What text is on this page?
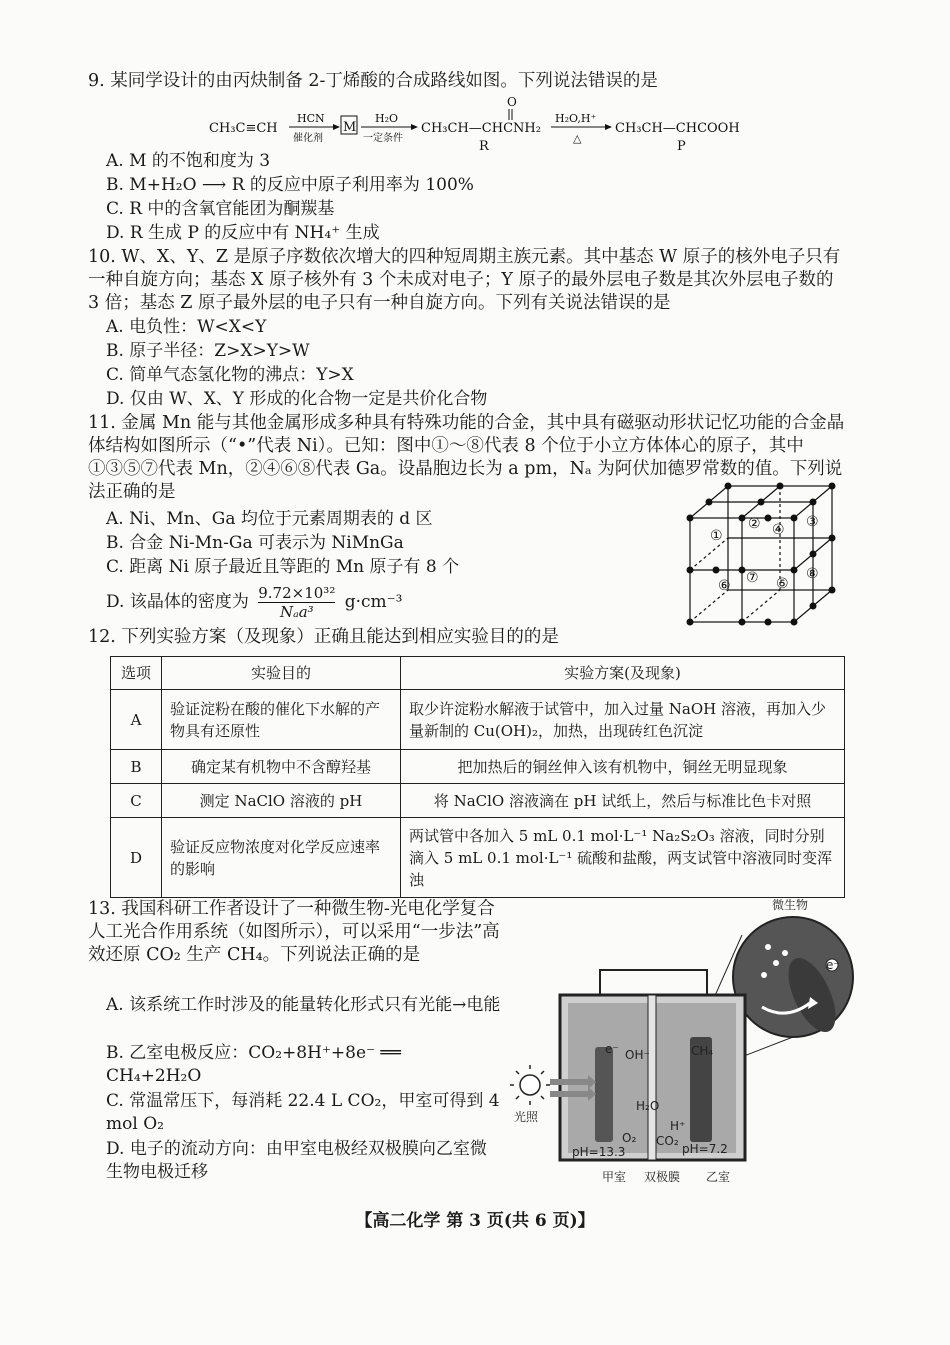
9. 某同学设计的由丙炔制备 2-丁烯酸的合成路线如图。下列说法错误的是
CH₃C≡CH
HCN
催化剂
M
H₂O
一定条件
O
CH₃CH—CHCNH₂
R
H₂O,H⁺
△
CH₃CH—CHCOOH
P
A. M 的不饱和度为 3
B. M+H₂O ⟶ R 的反应中原子利用率为 100%
C. R 中的含氧官能团为酮羰基
D. R 生成 P 的反应中有 NH₄⁺ 生成
10. W、X、Y、Z 是原子序数依次增大的四种短周期主族元素。其中基态 W 原子的核外电子只有一种自旋方向；基态 X 原子核外有 3 个未成对电子；Y 原子的最外层电子数是其次外层电子数的 3 倍；基态 Z 原子最外层的电子只有一种自旋方向。下列有关说法错误的是
A. 电负性：W<X<Y
B. 原子半径：Z>X>Y>W
C. 简单气态氢化物的沸点：Y>X
D. 仅由 W、X、Y 形成的化合物一定是共价化合物
11. 金属 Mn 能与其他金属形成多种具有特殊功能的合金，其中具有磁驱动形状记忆功能的合金晶体结构如图所示（“•”代表 Ni）。已知：图中①～⑧代表 8 个位于小立方体体心的原子，其中①③⑤⑦代表 Mn，②④⑥⑧代表 Ga。设晶胞边长为 a pm，Nₐ 为阿伏加德罗常数的值。下列说法正确的是
A. Ni、Mn、Ga 均位于元素周期表的 d 区
B. 合金 Ni-Mn-Ga 可表示为 NiMnGa
C. 距离 Ni 原子最近且等距的 Mn 原子有 8 个
D. 该晶体的密度为 9.72×10³²
Nₐa³	g·cm⁻³
①
②	③
④
⑤
⑥ ⑦	⑧
12. 下列实验方案（及现象）正确且能达到相应实验目的的是
选项	实验目的	实验方案(及现象)
A	验证淀粉在酸的催化下水解的产物具有还原性	取少许淀粉水解液于试管中，加入过量 NaOH 溶液，再加入少量新制的 Cu(OH)₂，加热，出现砖红色沉淀
B	确定某有机物中不含醇羟基	把加热后的铜丝伸入该有机物中，铜丝无明显现象
C	测定 NaClO 溶液的 pH	将 NaClO 溶液滴在 pH 试纸上，然后与标准比色卡对照
D	验证反应物浓度对化学反应速率的影响	两试管中各加入 5 mL 0.1 mol·L⁻¹ Na₂S₂O₃ 溶液，同时分别滴入 5 mL 0.1 mol·L⁻¹ 硫酸和盐酸，两支试管中溶液同时变浑浊
13. 我国科研工作者设计了一种微生物-光电化学复合人工光合作用系统（如图所示），可以采用“一步法”高效还原 CO₂ 生产 CH₄。下列说法正确的是
A. 该系统工作时涉及的能量转化形式只有光能→电能
B. 乙室电极反应：CO₂+8H⁺+8e⁻ ══ CH₄+2H₂O
C. 常温常压下，每消耗 22.4 L CO₂，甲室可得到 4 mol O₂
D. 电子的流动方向：由甲室电极经双极膜向乙室微生物电极迁移
e⁻
微生物
光照
e⁻ OH⁻	CH₄
H₂O
H⁺
O₂ CO₂
pH=13.3	pH=7.2
甲室 双极膜 乙室
【高二化学 第 3 页(共 6 页)】
